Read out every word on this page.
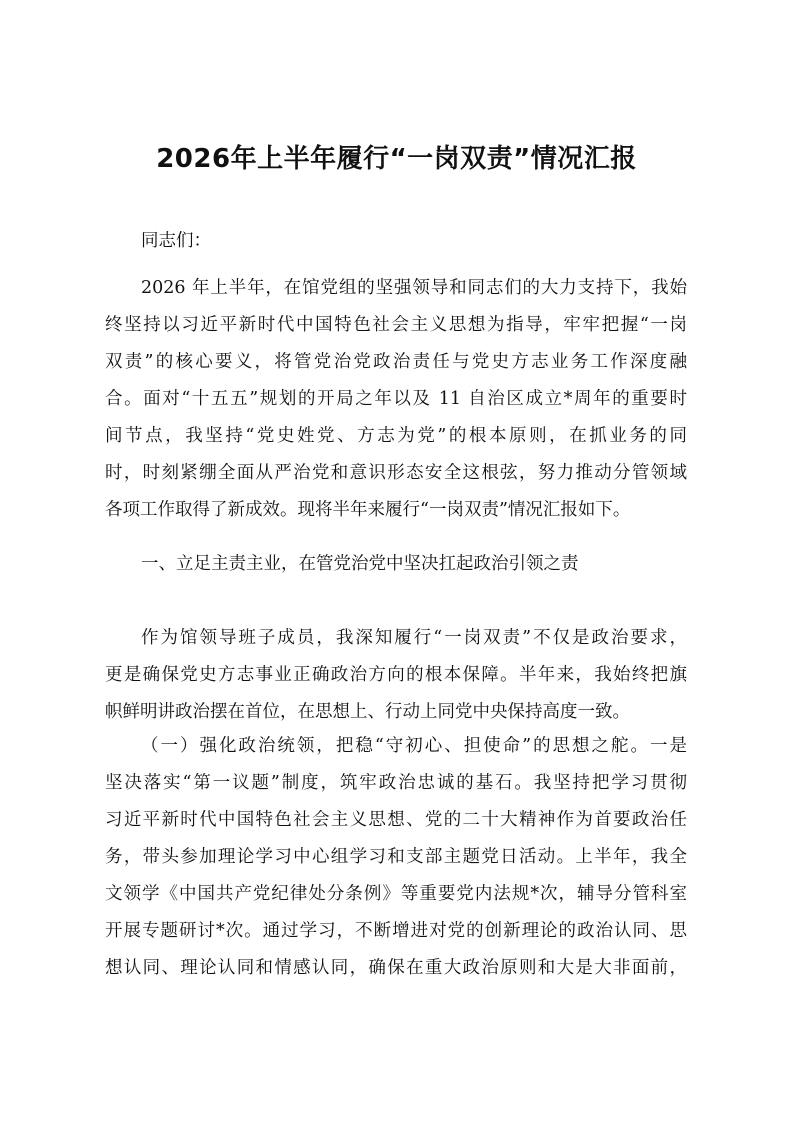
2026年上半年履行“一岗双责”情况汇报

同志们：

2026 年上半年，在馆党组的坚强领导和同志们的大力支持下，我始
终坚持以习近平新时代中国特色社会主义思想为指导，牢牢把握“一岗
双责”的核心要义，将管党治党政治责任与党史方志业务工作深度融
合。面对“十五五”规划的开局之年以及 11 自治区成立*周年的重要时
间节点，我坚持“党史姓党、方志为党”的根本原则，在抓业务的同
时，时刻紧绷全面从严治党和意识形态安全这根弦，努力推动分管领域
各项工作取得了新成效。现将半年来履行“一岗双责”情况汇报如下。

一、立足主责主业，在管党治党中坚决扛起政治引领之责

作为馆领导班子成员，我深知履行“一岗双责”不仅是政治要求，
更是确保党史方志事业正确政治方向的根本保障。半年来，我始终把旗
帜鲜明讲政治摆在首位，在思想上、行动上同党中央保持高度一致。
（一）强化政治统领，把稳“守初心、担使命”的思想之舵。一是
坚决落实“第一议题”制度，筑牢政治忠诚的基石。我坚持把学习贯彻
习近平新时代中国特色社会主义思想、党的二十大精神作为首要政治任
务，带头参加理论学习中心组学习和支部主题党日活动。上半年，我全
文领学《中国共产党纪律处分条例》等重要党内法规*次，辅导分管科室
开展专题研讨*次。通过学习，不断增进对党的创新理论的政治认同、思
想认同、理论认同和情感认同，确保在重大政治原则和大是大非面前，
